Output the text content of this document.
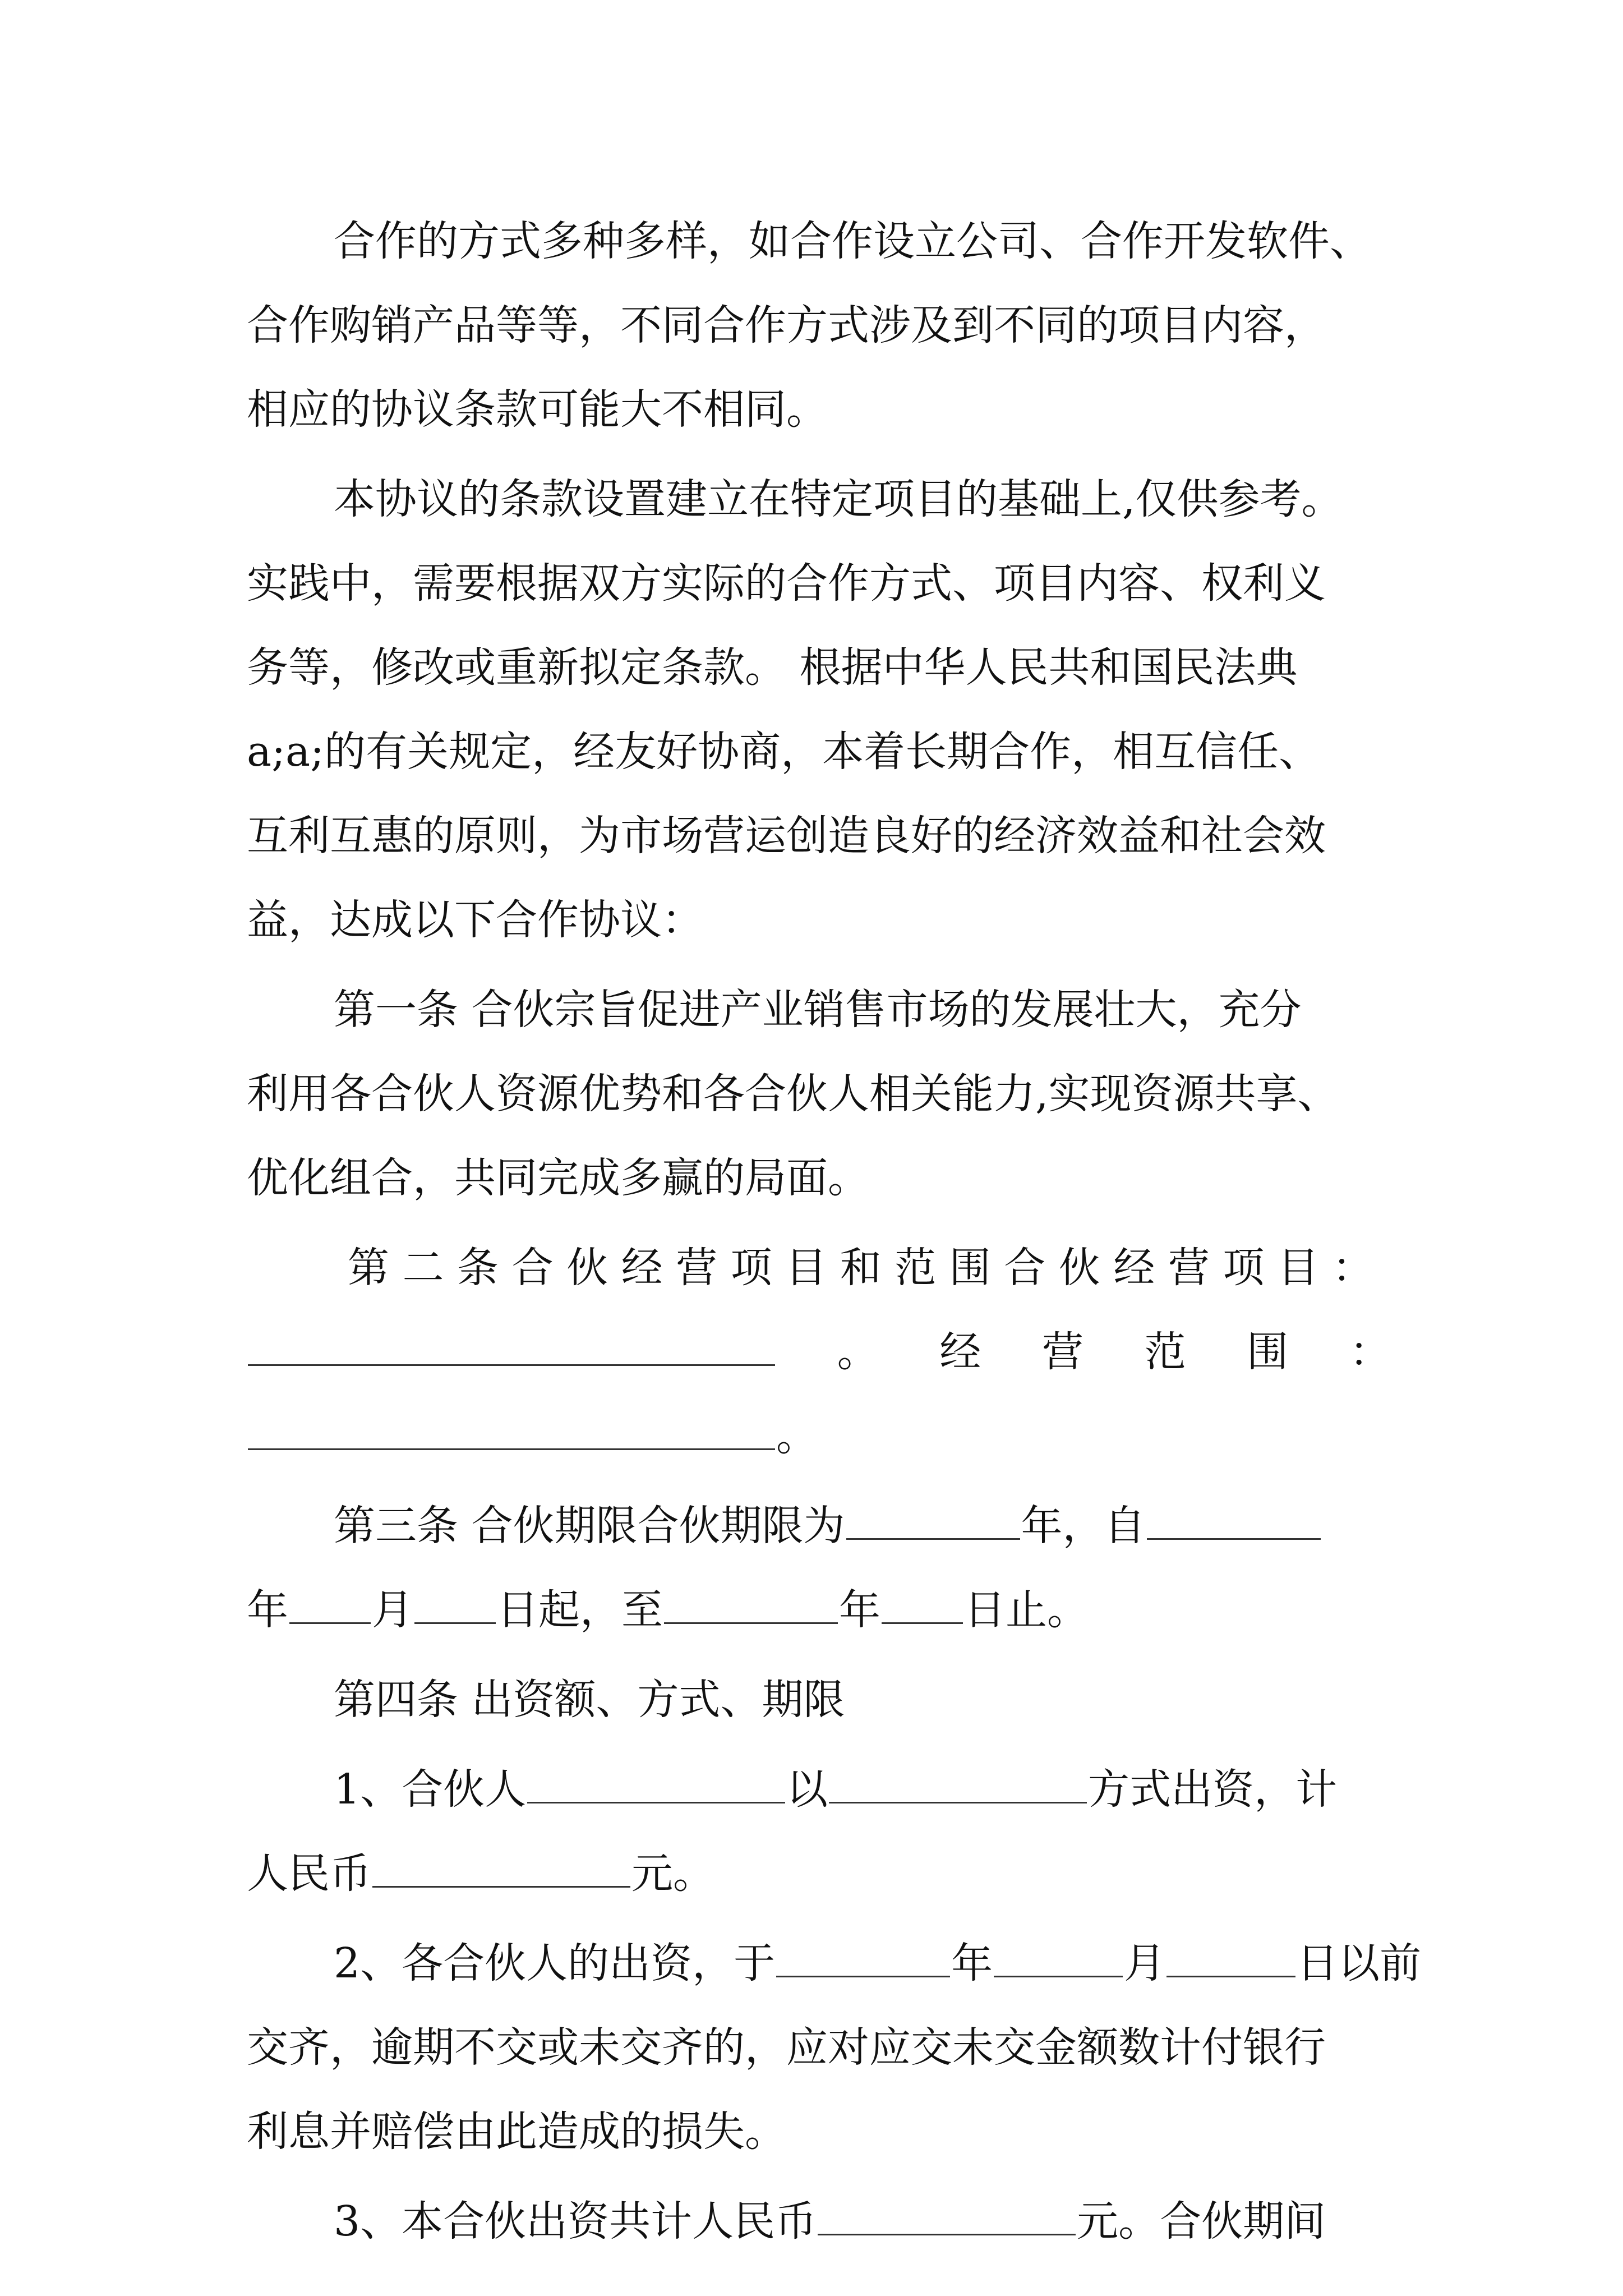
合作的方式多种多样，如合作设立公司、合作开发软件、
合作购销产品等等，不同合作方式涉及到不同的项目内容，
相应的协议条款可能大不相同。
本协议的条款设置建立在特定项目的基础上,仅供参考。
实践中，需要根据双方实际的合作方式、项目内容、权利义
务等，修改或重新拟定条款。 根据中华人民共和国民法典
a;a;的有关规定，经友好协商，本着长期合作，相互信任、
互利互惠的原则，为市场营运创造良好的经济效益和社会效
益，达成以下合作协议：
第一条 合伙宗旨促进产业销售市场的发展壮大，充分
利用各合伙人资源优势和各合伙人相关能力,实现资源共享、
优化组合，共同完成多赢的局面。
第 二 条 合 伙 经 营 项 目 和 范 围 合 伙 经 营 项 目 ：
。 经 营 范 围 ：
。
第三条 合伙期限合伙期限为	年，自
年 月 日起，至	年 日止。
第四条 出资额、方式、期限
1、合伙人	以	方式出资，计
人民币	元。
2、各合伙人的出资，于	年	月	日以前
交齐，逾期不交或未交齐的，应对应交未交金额数计付银行
利息并赔偿由此造成的损失。
3、本合伙出资共计人民币	元。合伙期间
